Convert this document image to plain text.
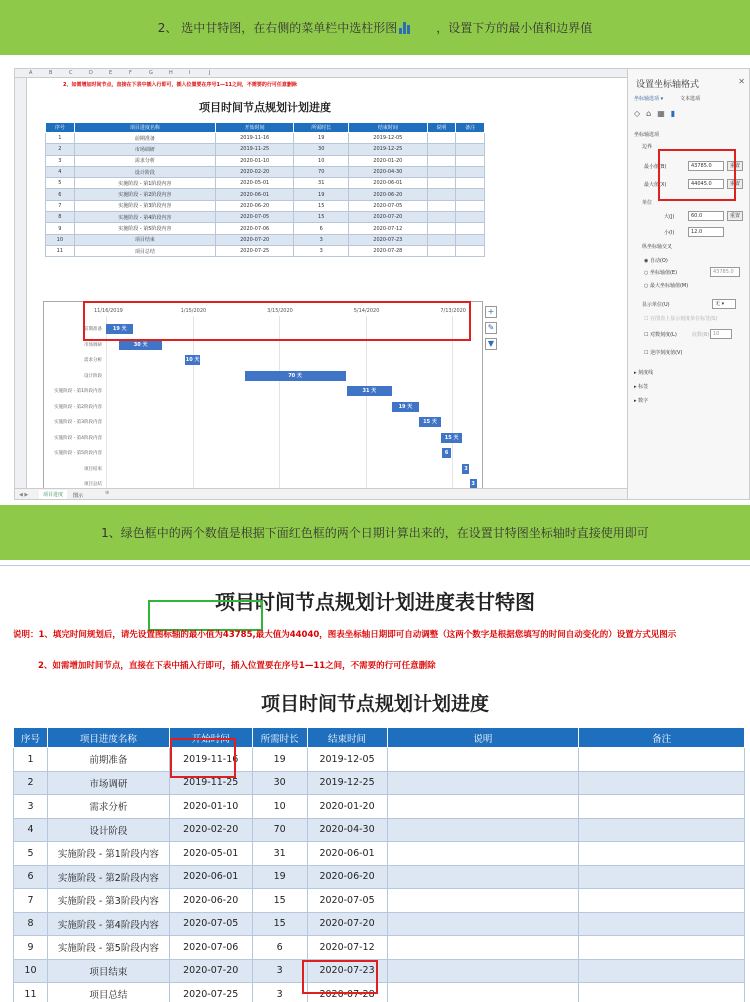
2、 选中甘特图，在右侧的菜单栏中选柱形图	，设置下方的最小值和边界值
A	B	C	D	E	F	G	H	I	J
2、如需增加时间节点，直接在下表中插入行即可，插入位置要在序号1—11之间，不需要的行可任意删除
项目时间节点规划计划进度
序号	项目进度名称	开始时间	所需时长	结束时间	说明	备注
1	前期准备	2019-11-16	19	2019-12-05		
2	市场调研	2019-11-25	30	2019-12-25		
3	需求分析	2020-01-10	10	2020-01-20		
4	设计阶段	2020-02-20	70	2020-04-30		
5	实施阶段 - 第1阶段内容	2020-05-01	31	2020-06-01		
6	实施阶段 - 第2阶段内容	2020-06-01	19	2020-06-20		
7	实施阶段 - 第3阶段内容	2020-06-20	15	2020-07-05		
8	实施阶段 - 第4阶段内容	2020-07-05	15	2020-07-20		
9	实施阶段 - 第5阶段内容	2020-07-06	6	2020-07-12		
10	项目结束	2020-07-20	3	2020-07-23		
11	项目总结	2020-07-25	3	2020-07-28		
11/16/2019	1/15/2020	3/15/2020	5/14/2020	7/13/2020
前期准备	19 天
市场调研	30 天
需求分析	10 天
设计阶段	70 天
实施阶段 - 第1阶段内容	31 天
实施阶段 - 第2阶段内容	19 天
实施阶段 - 第3阶段内容	15 天
实施阶段 - 第4阶段内容	15 天
实施阶段 - 第5阶段内容	6 天
项目结束	3 天
项目总结	3
+
✎
▼
◀ ▶	项目进度	图示	⊕
设置坐标轴格式	✕
坐标轴选项 ▾	文本选项
◇⌂▦▮
坐标轴选项
边界
最小值(B)	43785.0	重置
最大值(X)	44045.0	重置
单位
大(J)	60.0	重置
小(I)	12.0
纵坐标轴交叉
◉ 自动(O)
○ 坐标轴值(E)	43785.0
○ 最大坐标轴值(M)
显示单位(U)	无 ▾
☐ 在图表上显示刻度单位标签(S)
☐ 对数刻度(L)	底数(B) 10
☐ 逆序刻度值(V)
▸ 刻度线
▸ 标签
▸ 数字
1、绿色框中的两个数值是根据下面红色框的两个日期计算出来的，在设置甘特图坐标轴时直接使用即可
项目时间节点规划计划进度表甘特图
说明：1、填完时间规划后，请先设置图标轴的最小值为43785,最大值为44040，图表坐标轴日期即可自动调整（这两个数字是根据您填写的时间自动变化的）设置方式见图示
2、如需增加时间节点，直接在下表中插入行即可，插入位置要在序号1—11之间，不需要的行可任意删除
项目时间节点规划计划进度
序号	项目进度名称	开始时间	所需时长	结束时间	说明	备注
1	前期准备	2019-11-16	19	2019-12-05		
2	市场调研	2019-11-25	30	2019-12-25		
3	需求分析	2020-01-10	10	2020-01-20		
4	设计阶段	2020-02-20	70	2020-04-30		
5	实施阶段 - 第1阶段内容	2020-05-01	31	2020-06-01		
6	实施阶段 - 第2阶段内容	2020-06-01	19	2020-06-20		
7	实施阶段 - 第3阶段内容	2020-06-20	15	2020-07-05		
8	实施阶段 - 第4阶段内容	2020-07-05	15	2020-07-20		
9	实施阶段 - 第5阶段内容	2020-07-06	6	2020-07-12		
10	项目结束	2020-07-20	3	2020-07-23		
11	项目总结	2020-07-25	3	2020-07-28		
